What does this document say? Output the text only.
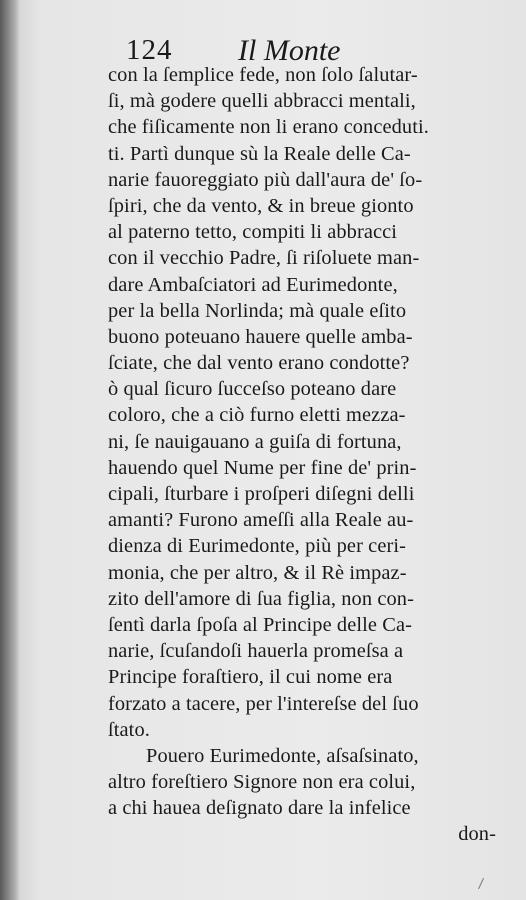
124 Il Monte
con la ſemplice fede, non ſolo ſalutar-
ſi, mà godere quelli abbracci mentali,
che fiſicamente non li erano conceduti.
ti. Partì dunque sù la Reale delle Ca-
narie fauoreggiato più dall'aura de' ſo-
ſpiri, che da vento, & in breue gionto
al paterno tetto, compiti li abbracci
con il vecchio Padre, ſi riſoluete man-
dare Ambaſciatori ad Eurimedonte,
per la bella Norlinda; mà quale eſito
buono poteuano hauere quelle amba-
ſciate, che dal vento erano condotte?
ò qual ſicuro ſucceſso poteano dare
coloro, che a ciò furno eletti mezza-
ni, ſe nauigauano a guiſa di fortuna,
hauendo quel Nume per fine de' prin-
cipali, ſturbare i proſperi diſegni delli
amanti? Furono ameſſi alla Reale au-
dienza di Eurimedonte, più per ceri-
monia, che per altro, & il Rè impaz-
zito dell'amore di ſua figlia, non con-
ſentì darla ſpoſa al Principe delle Ca-
narie, ſcuſandoſi hauerla promeſsa a
Principe foraſtiero, il cui nome era
forzato a tacere, per l'intereſse del ſuo
ſtato.
Pouero Eurimedonte, aſsaſsinato,
altro foreſtiero Signore non era colui,
a chi hauea deſignato dare la infelice
don-
